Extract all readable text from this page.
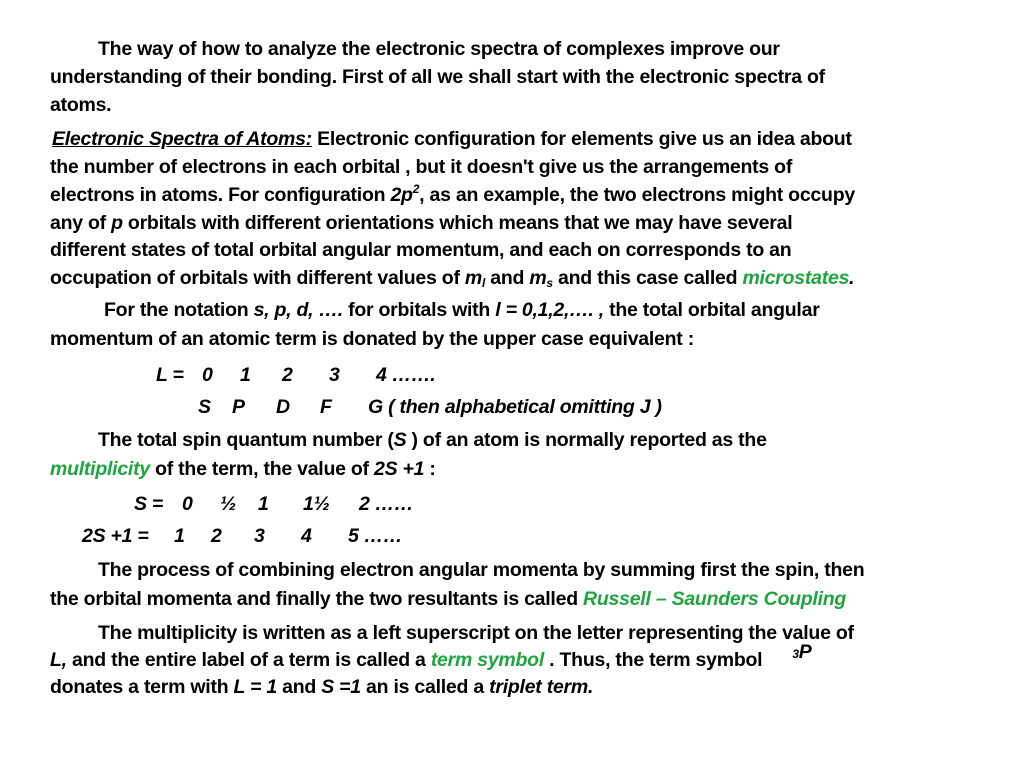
The way of how to analyze the electronic spectra of complexes improve our
understanding of their bonding. First of all we shall start with the electronic spectra of
atoms.
Electronic Spectra of Atoms: Electronic configuration for elements give us an idea about
the number of electrons in each orbital , but it doesn't give us the arrangements of
electrons in atoms. For configuration $2p^2$, as an example, the two electrons might occupy
any of p orbitals with different orientations which means that we may have several
different states of total orbital angular momentum, and each on corresponds to an
occupation of orbitals with different values of $m_l$ and $m_s$ and this case called microstates.
For the notation s, p, d, …. for orbitals with l = 0,1,2,…. , the total orbital angular
momentum of an atomic term is donated by the upper case equivalent :
L = 0 1 2 3 4 …….
S P D F G ( then alphabetical omitting J )
The total spin quantum number (S ) of an atom is normally reported as the
multiplicity of the term, the value of 2S +1 :
S = 0 ½ 1 1½ 2 ……
2S +1 = 1 2 3 4 5 ……
The process of combining electron angular momenta by summing first the spin, then
the orbital momenta and finally the two resultants is called Russell – Saunders Coupling
The multiplicity is written as a left superscript on the letter representing the value of
L, and the entire label of a term is called a term symbol . Thus, the term symbol	$^3$P
donates a term with L = 1 and S =1 an is called a triplet term.
